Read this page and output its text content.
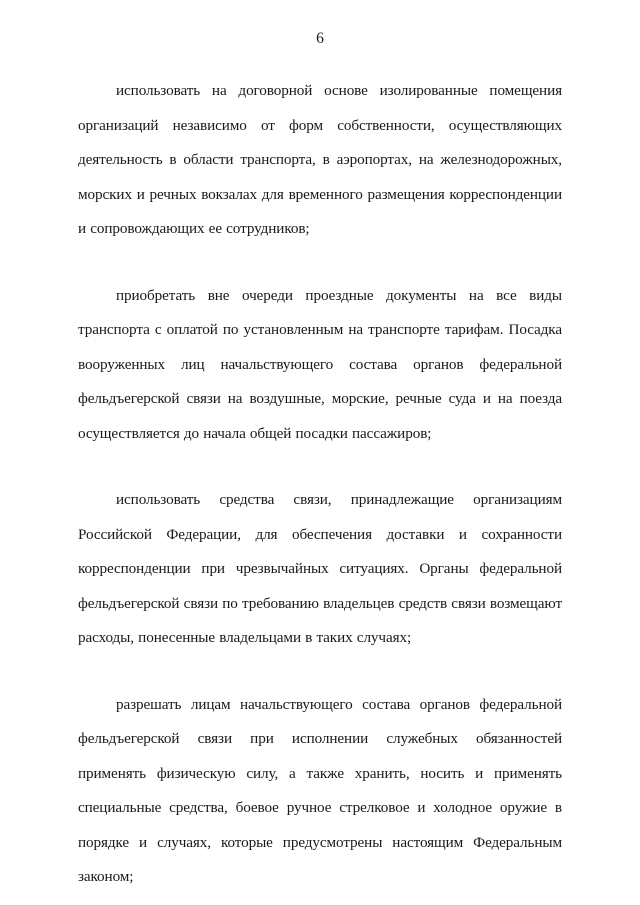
6

использовать на договорной основе изолированные помещения организаций независимо от форм собственности, осуществляющих деятельность в области транспорта, в аэропортах, на железнодорожных, морских и речных вокзалах для временного размещения корреспонденции и сопровождающих ее сотрудников;

приобретать вне очереди проездные документы на все виды транспорта с оплатой по установленным на транспорте тарифам. Посадка вооруженных лиц начальствующего состава органов федеральной фельдъегерской связи на воздушные, морские, речные суда и на поезда осуществляется до начала общей посадки пассажиров;

использовать средства связи, принадлежащие организациям Российской Федерации, для обеспечения доставки и сохранности корреспонденции при чрезвычайных ситуациях. Органы федеральной фельдъегерской связи по требованию владельцев средств связи возмещают расходы, понесенные владельцами в таких случаях;

разрешать лицам начальствующего состава органов федеральной фельдъегерской связи при исполнении служебных обязанностей применять физическую силу, а также хранить, носить и применять специальные средства, боевое ручное стрелковое и холодное оружие в порядке и случаях, которые предусмотрены настоящим Федеральным законом;
